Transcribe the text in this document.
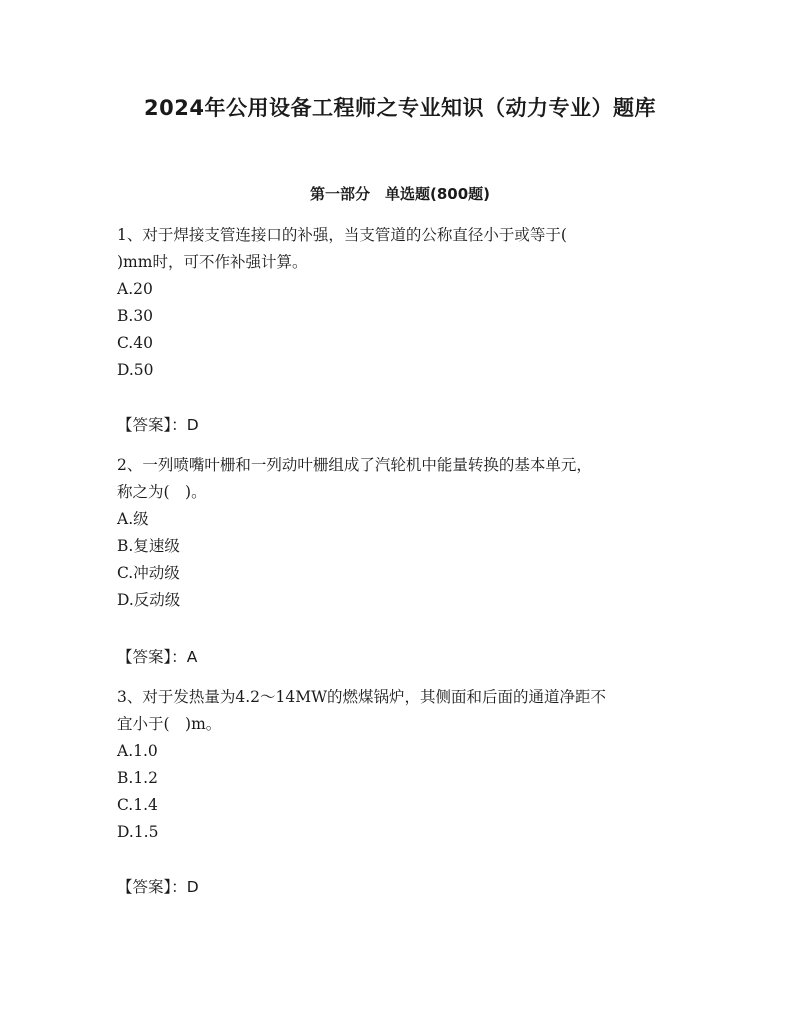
2024年公用设备工程师之专业知识（动力专业）题库
第一部分　单选题(800题)

1、对于焊接支管连接口的补强，当支管道的公称直径小于或等于(

)mm时，可不作补强计算。

A.20

B.30

C.40

D.50

【答案】：D

2、一列喷嘴叶栅和一列动叶栅组成了汽轮机中能量转换的基本单元，

称之为(　)。

A.级

B.复速级

C.冲动级

D.反动级

【答案】：A

3、对于发热量为4.2～14MW的燃煤锅炉，其侧面和后面的通道净距不

宜小于(　)m。

A.1.0

B.1.2

C.1.4

D.1.5

【答案】：D
